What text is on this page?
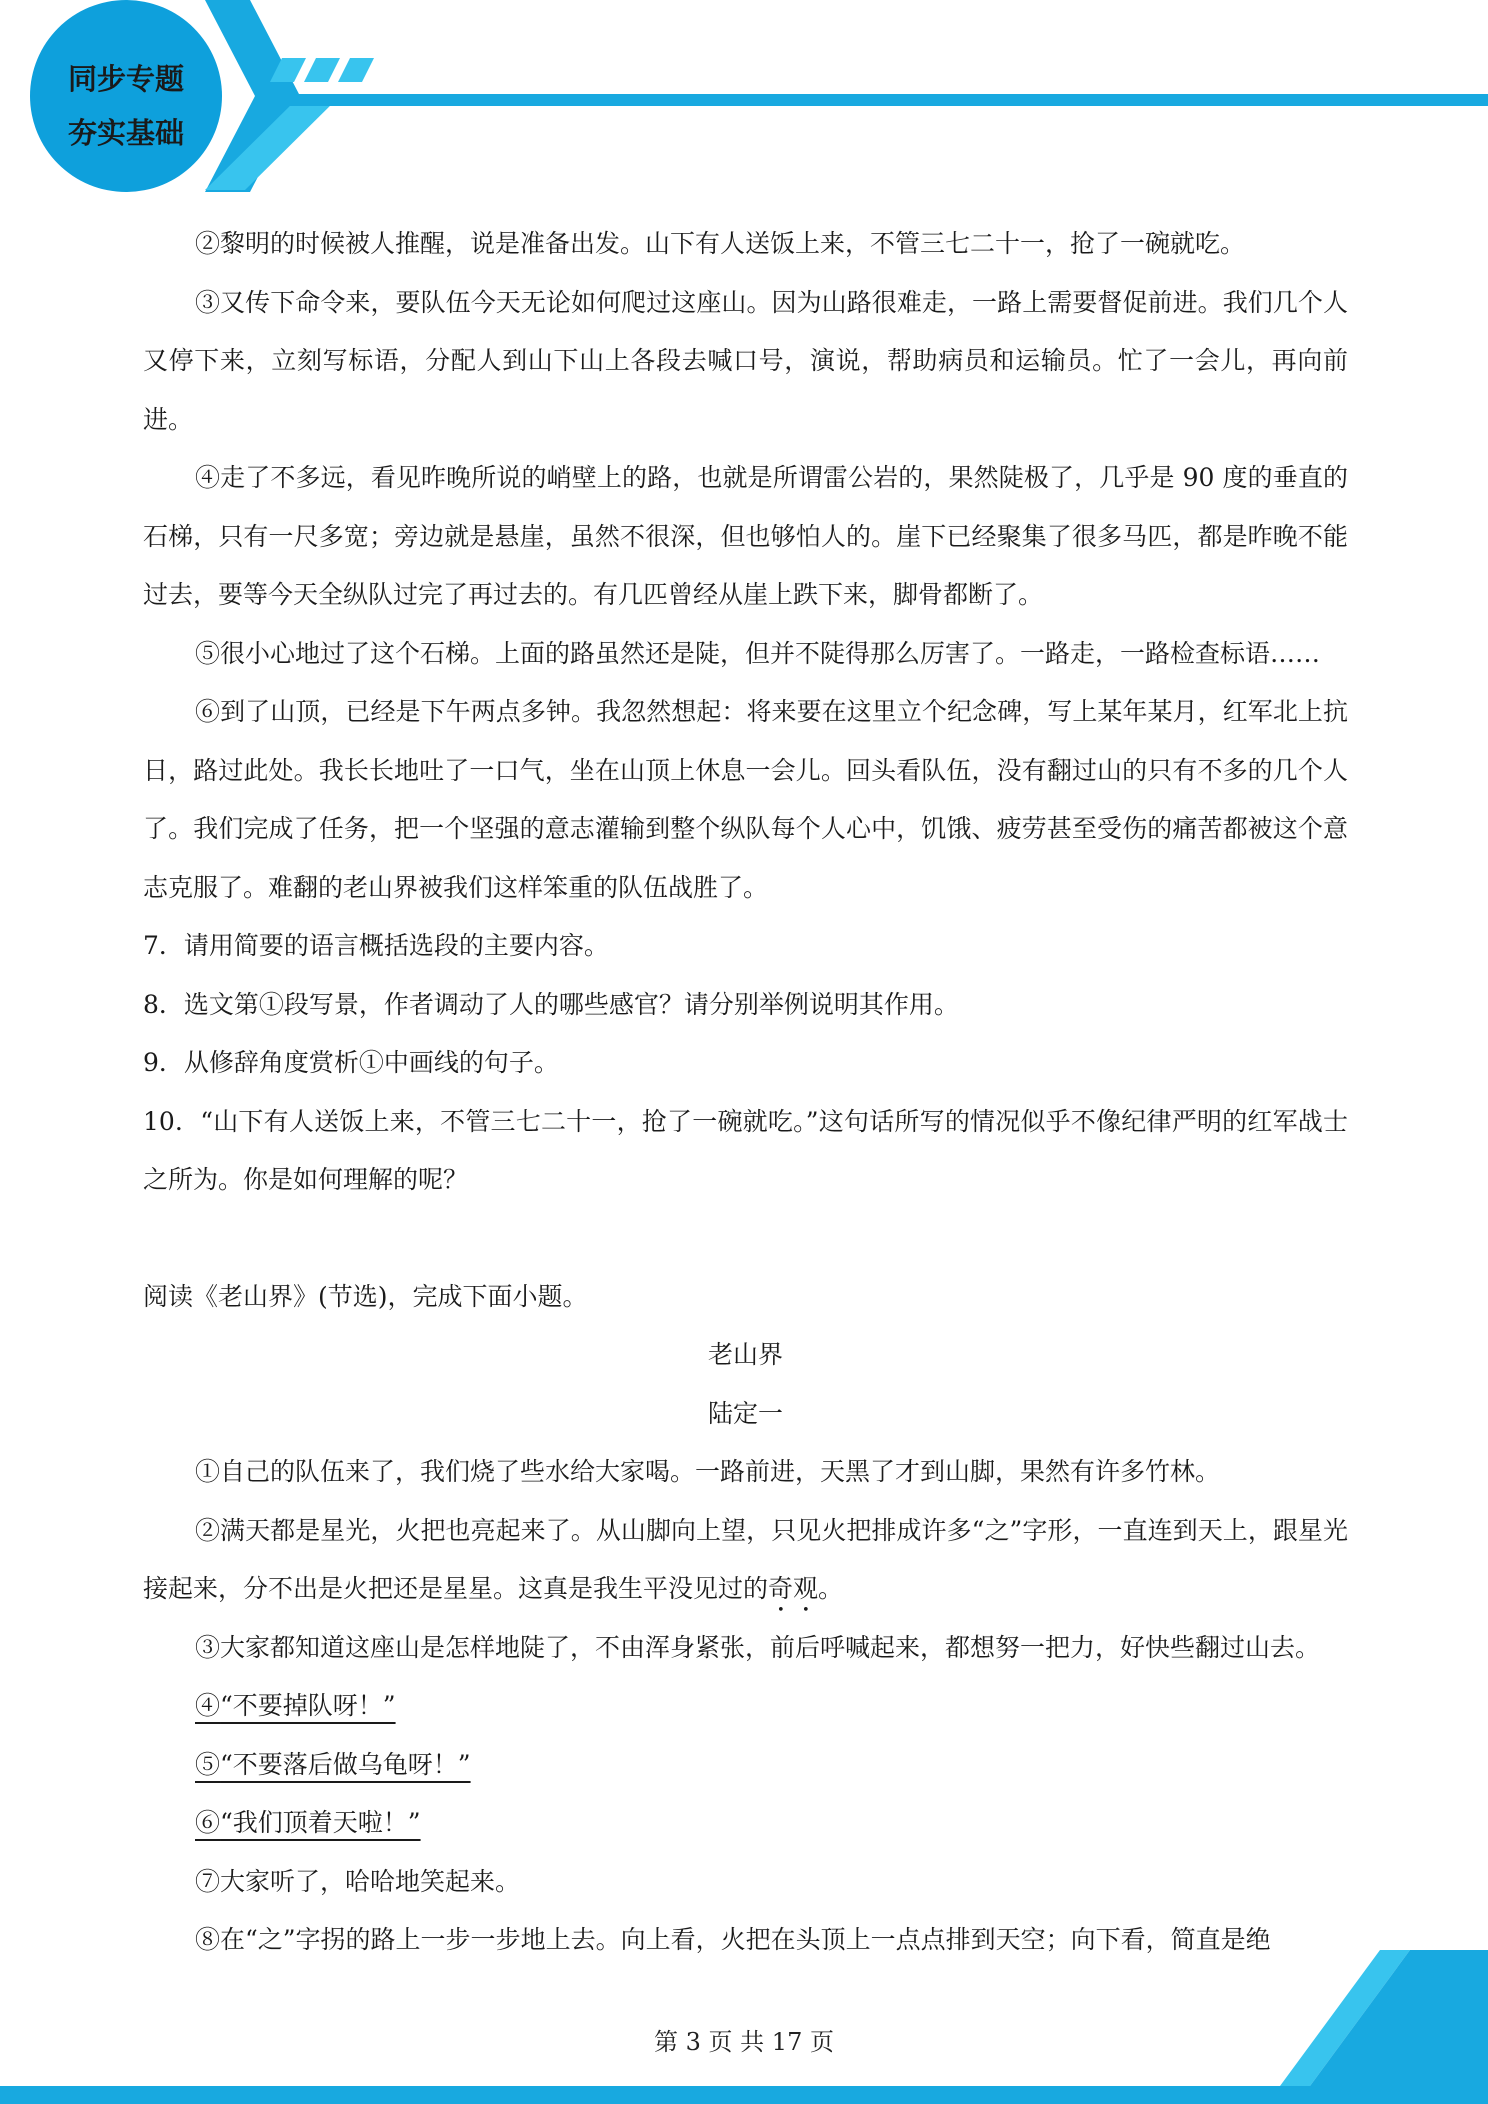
同步专题
夯实基础

②黎明的时候被人推醒，说是准备出发。山下有人送饭上来，不管三七二十一，抢了一碗就吃。

③又传下命令来，要队伍今天无论如何爬过这座山。因为山路很难走，一路上需要督促前进。我们几个人又停下来，立刻写标语，分配人到山下山上各段去喊口号，演说，帮助病员和运输员。忙了一会儿，再向前进。

④走了不多远，看见昨晚所说的峭壁上的路，也就是所谓雷公岩的，果然陡极了，几乎是 90 度的垂直的石梯，只有一尺多宽；旁边就是悬崖，虽然不很深，但也够怕人的。崖下已经聚集了很多马匹，都是昨晚不能过去，要等今天全纵队过完了再过去的。有几匹曾经从崖上跌下来，脚骨都断了。

⑤很小心地过了这个石梯。上面的路虽然还是陡，但并不陡得那么厉害了。一路走，一路检查标语……

⑥到了山顶，已经是下午两点多钟。我忽然想起：将来要在这里立个纪念碑，写上某年某月，红军北上抗日，路过此处。我长长地吐了一口气，坐在山顶上休息一会儿。回头看队伍，没有翻过山的只有不多的几个人了。我们完成了任务，把一个坚强的意志灌输到整个纵队每个人心中，饥饿、疲劳甚至受伤的痛苦都被这个意志克服了。难翻的老山界被我们这样笨重的队伍战胜了。

7．请用简要的语言概括选段的主要内容。

8．选文第①段写景，作者调动了人的哪些感官？请分别举例说明其作用。

9．从修辞角度赏析①中画线的句子。

10．“山下有人送饭上来，不管三七二十一，抢了一碗就吃。”这句话所写的情况似乎不像纪律严明的红军战士之所为。你是如何理解的呢？

阅读《老山界》(节选)，完成下面小题。

老山界

陆定一

①自己的队伍来了，我们烧了些水给大家喝。一路前进，天黑了才到山脚，果然有许多竹林。

②满天都是星光，火把也亮起来了。从山脚向上望，只见火把排成许多“之”字形，一直连到天上，跟星光接起来，分不出是火把还是星星。这真是我生平没见过的奇观。

③大家都知道这座山是怎样地陡了，不由浑身紧张，前后呼喊起来，都想努一把力，好快些翻过山去。

④“不要掉队呀！”

⑤“不要落后做乌龟呀！”

⑥“我们顶着天啦！”

⑦大家听了，哈哈地笑起来。

⑧在“之”字拐的路上一步一步地上去。向上看，火把在头顶上一点点排到天空；向下看，简直是绝

第 3 页 共 17 页
